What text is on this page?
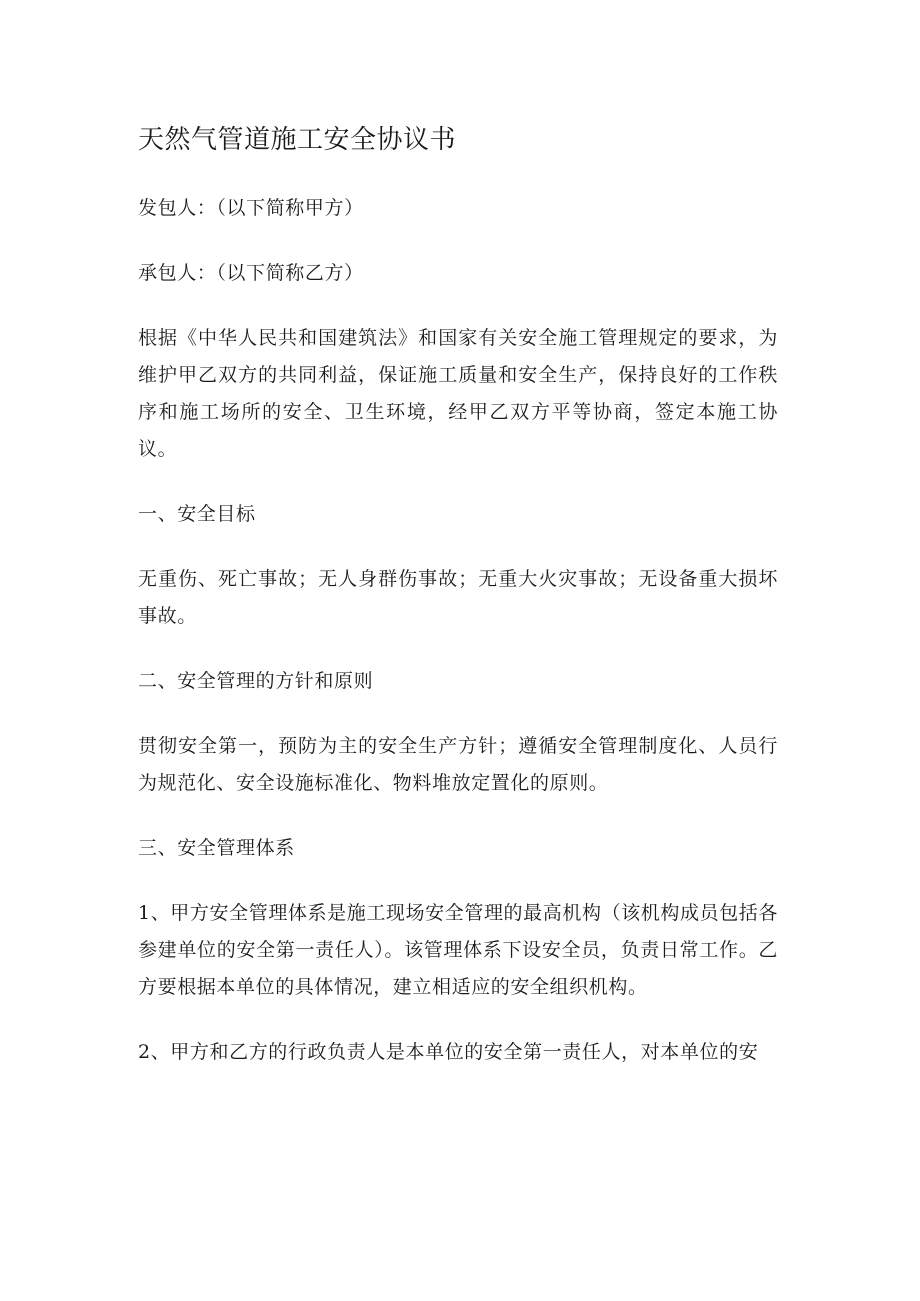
天然气管道施工安全协议书

发包人：（以下简称甲方）

承包人：（以下简称乙方）

根据《中华人民共和国建筑法》和国家有关安全施工管理规定的要求，为维护甲乙双方的共同利益，保证施工质量和安全生产，保持良好的工作秩序和施工场所的安全、卫生环境，经甲乙双方平等协商，签定本施工协议。

一、安全目标

无重伤、死亡事故；无人身群伤事故；无重大火灾事故；无设备重大损坏事故。

二、安全管理的方针和原则

贯彻安全第一，预防为主的安全生产方针；遵循安全管理制度化、人员行为规范化、安全设施标准化、物料堆放定置化的原则。

三、安全管理体系

1、甲方安全管理体系是施工现场安全管理的最高机构（该机构成员包括各参建单位的安全第一责任人）。该管理体系下设安全员，负责日常工作。乙方要根据本单位的具体情况，建立相适应的安全组织机构。

2、甲方和乙方的行政负责人是本单位的安全第一责任人，对本单位的安
